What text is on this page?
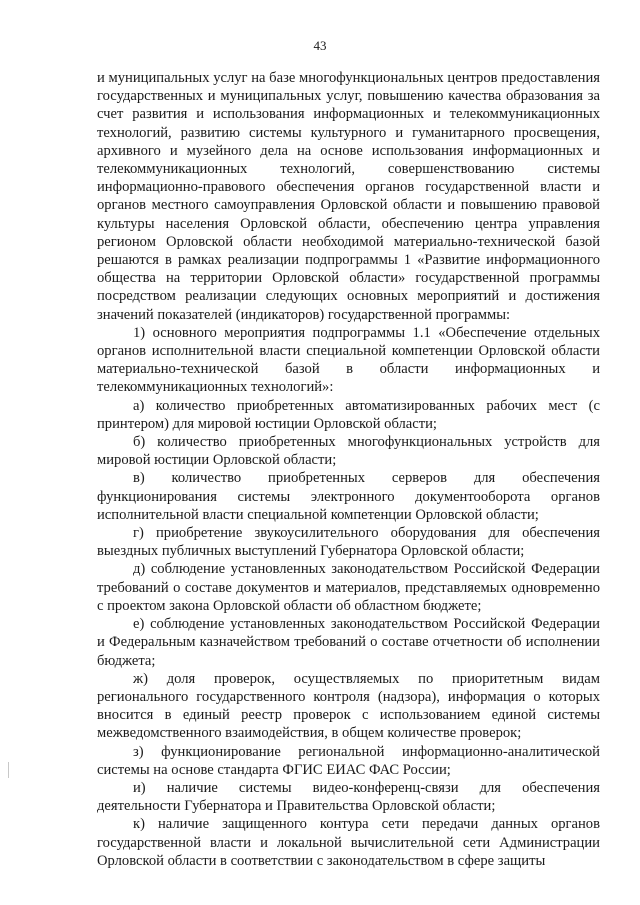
43

и муниципальных услуг на базе многофункциональных центров предоставления государственных и муниципальных услуг, повышению качества образования за счет развития и использования информационных и телекоммуникационных технологий, развитию системы культурного и гуманитарного просвещения, архивного и музейного дела на основе использования информационных и телекоммуникационных технологий, совершенствованию системы информационно-правового обеспечения органов государственной власти и органов местного самоуправления Орловской области и повышению правовой культуры населения Орловской области, обеспечению центра управления регионом Орловской области необходимой материально-технической базой решаются в рамках реализации подпрограммы 1 «Развитие информационного общества на территории Орловской области» государственной программы посредством реализации следующих основных мероприятий и достижения значений показателей (индикаторов) государственной программы:

1) основного мероприятия подпрограммы 1.1 «Обеспечение отдельных органов исполнительной власти специальной компетенции Орловской области материально-технической базой в области информационных и телекоммуникационных технологий»:

а) количество приобретенных автоматизированных рабочих мест (с принтером) для мировой юстиции Орловской области;

б) количество приобретенных многофункциональных устройств для мировой юстиции Орловской области;

в) количество приобретенных серверов для обеспечения функционирования системы электронного документооборота органов исполнительной власти специальной компетенции Орловской области;

г) приобретение звукоусилительного оборудования для обеспечения выездных публичных выступлений Губернатора Орловской области;

д) соблюдение установленных законодательством Российской Федерации требований о составе документов и материалов, представляемых одновременно с проектом закона Орловской области об областном бюджете;

е) соблюдение установленных законодательством Российской Федерации и Федеральным казначейством требований о составе отчетности об исполнении бюджета;

ж) доля проверок, осуществляемых по приоритетным видам регионального государственного контроля (надзора), информация о которых вносится в единый реестр проверок с использованием единой системы межведомственного взаимодействия, в общем количестве проверок;

з) функционирование региональной информационно-аналитической системы на основе стандарта ФГИС ЕИАС ФАС России;

и) наличие системы видео-конференц-связи для обеспечения деятельности Губернатора и Правительства Орловской области;

к) наличие защищенного контура сети передачи данных органов государственной власти и локальной вычислительной сети Администрации Орловской области в соответствии с законодательством в сфере защиты
